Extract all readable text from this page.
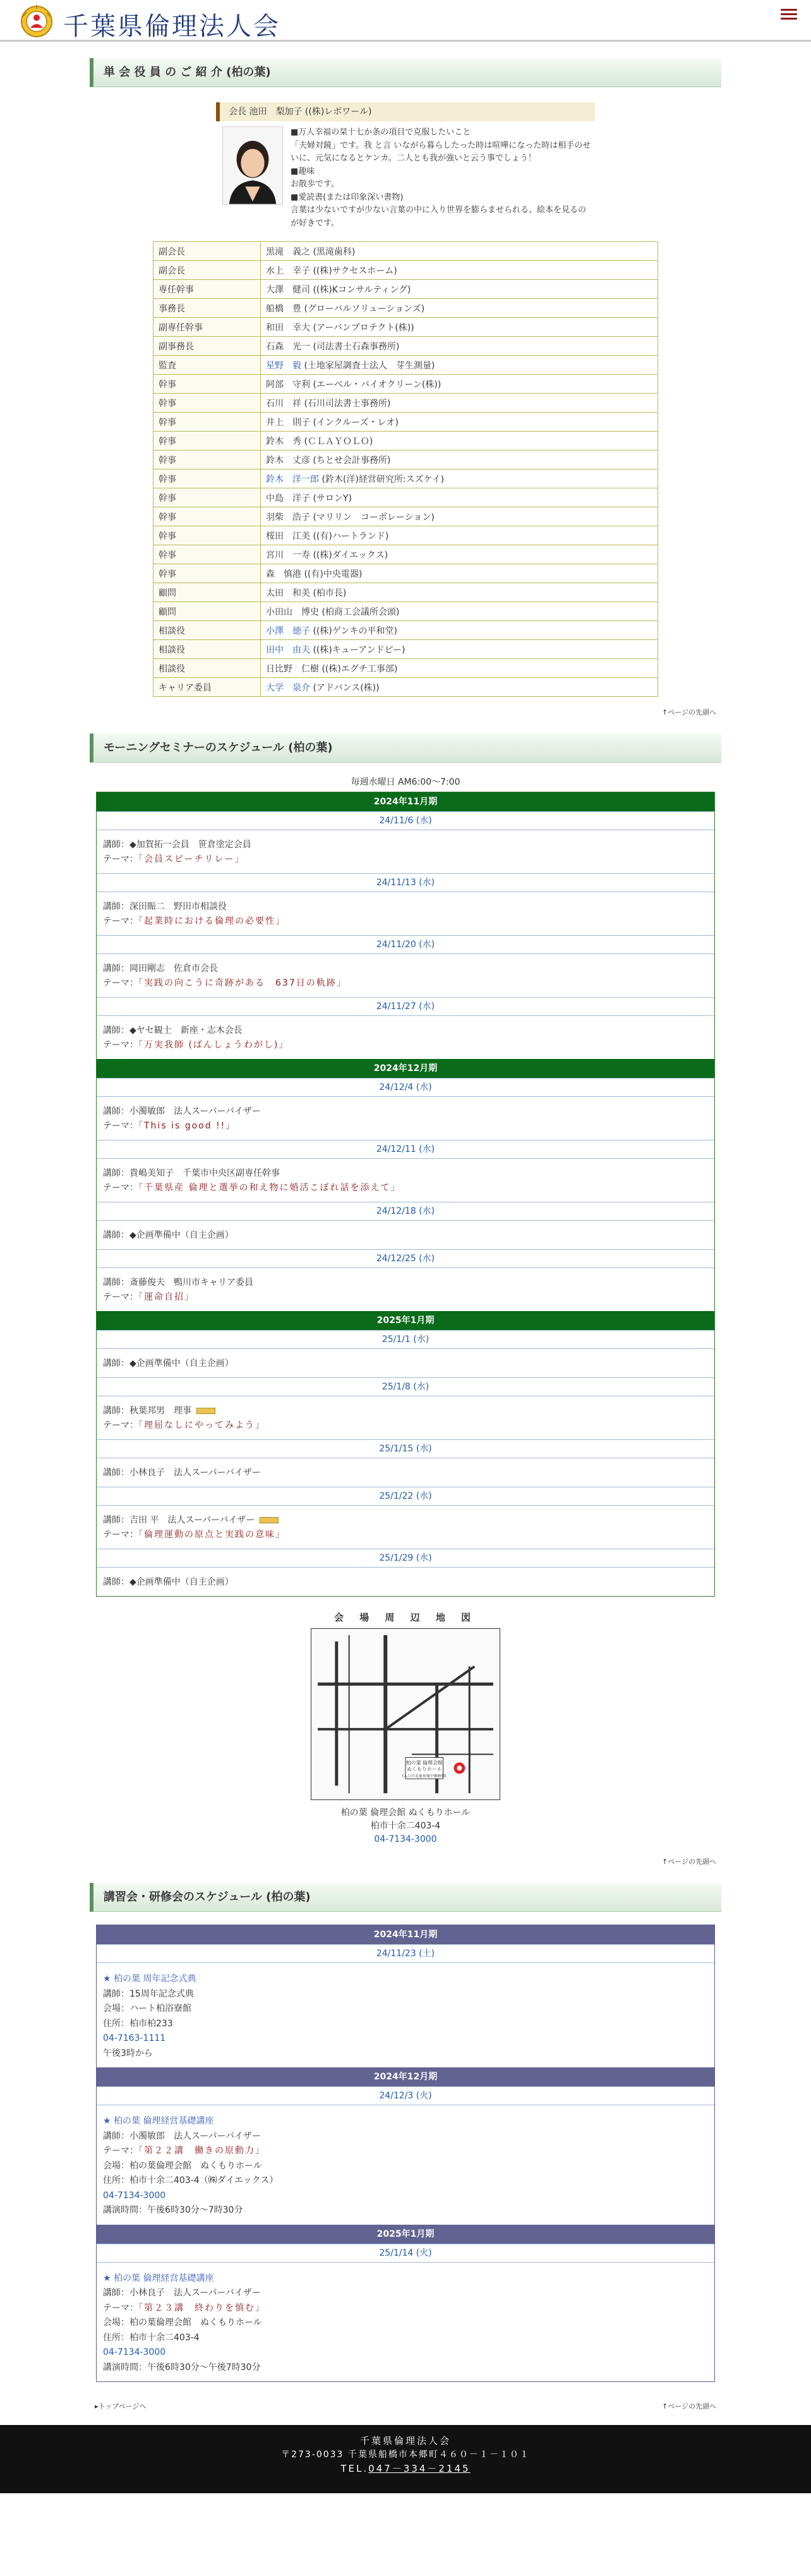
千葉県倫理法人会
単 会 役 員 の ご 紹 介 (柏の葉)
会長 池田　梨加子 ((株)レボワール)
■万人幸福の栞十七か条の項目で克服したいこと
「夫婦対鏡」です。我 と言 いながら暮らしたった時は喧嘩になった時は相手のせいに、元気になるとケンカ。二人とも我が強いと云う事でしょう！
■趣味
お散歩です。
■愛読書(または印象深い書物)
言葉は少ないですが少ない言葉の中に入り世界を膨らませられる、絵本を見るのが好きです。
副会長	黒滝　義之 (黒滝歯科)
副会長	水上　幸子 ((株)サクセスホーム)
専任幹事	大澤　健司 ((株)Kコンサルティング)
事務長	船橋　豊 (グローバルソリューションズ)
副専任幹事	和田　幸大 (アーバンプロテクト(株))
副事務長	石森　光一 (司法書士石森事務所)
監査	星野　毅 (土地家屋調査士法人　芽生測量)
幹事	阿部　守利 (エーベル・バイオクリーン(株))
幹事	石川　祥 (石川司法書士事務所)
幹事	井上　則子 (インクルーズ・レオ)
幹事	鈴木　秀 (ＣＬＡＹＯＬＯ)
幹事	鈴木　丈彦 (ちとせ会計事務所)
幹事	鈴木　洋一郎 (鈴木(洋)経営研究所:スズケイ)
幹事	中島　洋子 (サロンY)
幹事	羽柴　浩子 (マリリン　コーポレーション)
幹事	桜田　江美 ((有)ハートランド)
幹事	宮川　一寿 ((株)ダイエックス)
幹事	森　慎港 ((有)中央電器)
顧問	太田　和美 (柏市長)
顧問	小田山　博史 (柏商工会議所会頭)
相談役	小澤　徳子 ((株)ゲンキの平和堂)
相談役	田中　由夫 ((株)キューアンドピー)
相談役	日比野　仁樹 ((株)エグチ工事部)
キャリア委員	大学　泉介 (アドバンス(株))
↑ページの先頭へ
モーニングセミナーのスケジュール (柏の葉)
毎週水曜日 AM6:00～7:00
2024年11月期
24/11/6 (水)
講師：◆加賀拓一会員　笹倉塗定会員
テーマ：「会員スピーチリレー」
24/11/13 (水)
講師：深田賑二　野田市相談役
テーマ：「起業時における倫理の必要性」
24/11/20 (水)
講師：岡田剛志　佐倉市会長
テーマ：「実践の向こうに奇跡がある　637日の軌跡」
24/11/27 (水)
講師：◆ヤセ観士　新座・志木会長
テーマ：「万実我師 (ばんしょうわがし)」
2024年12月期
24/12/4 (水)
講師：小濁敏郎　法人スーパーバイザー
テーマ：「This is good !!」
24/12/11 (水)
講師：貴嶋美知子　千葉市中央区副専任幹事
テーマ：「千葉県産 倫理と選挙の和え物に婚活こぼれ話を添えて」
24/12/18 (水)
講師：◆企画準備中（自主企画）
24/12/25 (水)
講師：斎藤俊夫　鴨川市キャリア委員
テーマ：「運命自招」
2025年1月期
25/1/1 (水)
講師：◆企画準備中（自主企画）
25/1/8 (水)
講師：秋葉邦男　理事
テーマ：「理屈なしにやってみよう」
25/1/15 (水)
講師：小林良子　法人スーパーバイザー
25/1/22 (水)
講師：吉田 平　法人スーパーバイザー
テーマ：「倫理運動の原点と実践の意味」
25/1/29 (水)
講師：◆企画準備中（自主企画）
会 場 周 辺 地 図
柏の葉 倫理会館
ぬくもりホール
(入口の北東角地中継路側)
柏の葉 倫理会館 ぬくもりホール
柏市十余二403-4
04-7134-3000
↑ページの先頭へ
講習会・研修会のスケジュール (柏の葉)
2024年11月期
24/11/23 (土)
★ 柏の葉 周年記念式典
講師：15周年記念式典
会場：ハート柏浴寮館
住所：柏市柏233
04-7163-1111
午後3時から
2024年12月期
24/12/3 (火)
★ 柏の葉 倫理経営基礎講座
講師：小濁敏郎　法人スーパーバイザー
テーマ：「第２２講　働きの原動力」
会場：柏の葉倫理会館　ぬくもりホール
住所：柏市十余二403-4（㈱ダイエックス）
04-7134-3000
講演時間：午後6時30分～7時30分
2025年1月期
25/1/14 (火)
★ 柏の葉 倫理経営基礎講座
講師：小林良子　法人スーパーバイザー
テーマ：「第２３講　終わりを慎む」
会場：柏の葉倫理会館　ぬくもりホール
住所：柏市十余二403-4
04-7134-3000
講演時間：午後6時30分～午後7時30分
▸トップページへ	↑ページの先頭へ
千葉県倫理法人会
〒273-0033 千葉県船橋市本郷町４６０－１－１０１
TEL.047－334－2145
